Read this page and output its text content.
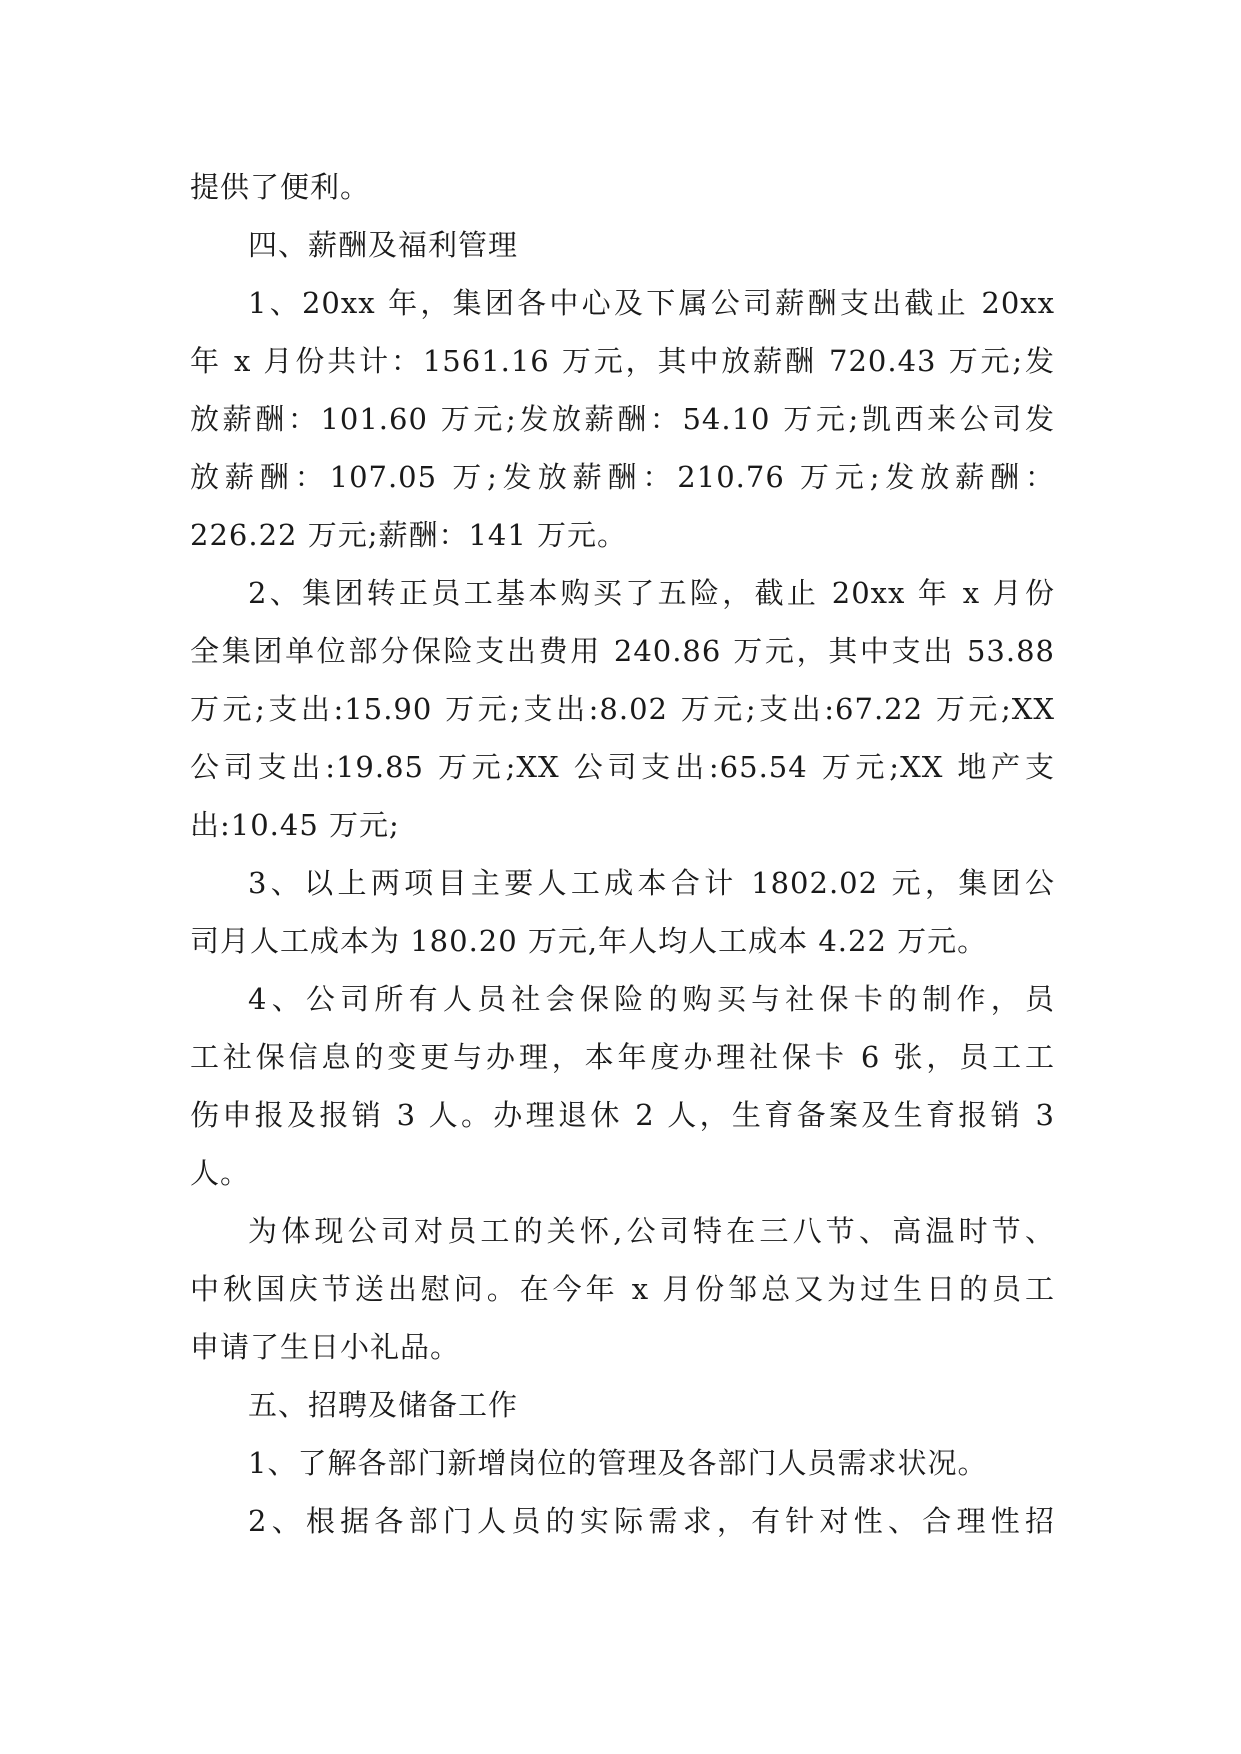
提供了便利。
四、薪酬及福利管理
1、20xx 年，集团各中心及下属公司薪酬支出截止 20xx
年 x 月份共计：1561.16 万元，其中放薪酬 720.43 万元;发
放薪酬：101.60 万元;发放薪酬：54.10 万元;凯西来公司发
放薪酬：107.05 万;发放薪酬：210.76 万元;发放薪酬：
226.22 万元;薪酬：141 万元。
2、集团转正员工基本购买了五险，截止 20xx 年 x 月份
全集团单位部分保险支出费用 240.86 万元，其中支出 53.88
万元;支出:15.90 万元;支出:8.02 万元;支出:67.22 万元;XX
公司支出:19.85 万元;XX 公司支出:65.54 万元;XX 地产支
出:10.45 万元;
3、以上两项目主要人工成本合计 1802.02 元，集团公
司月人工成本为 180.20 万元,年人均人工成本 4.22 万元。
4、公司所有人员社会保险的购买与社保卡的制作，员
工社保信息的变更与办理，本年度办理社保卡 6 张，员工工
伤申报及报销 3 人。办理退休 2 人，生育备案及生育报销 3
人。
为体现公司对员工的关怀,公司特在三八节、高温时节、
中秋国庆节送出慰问。在今年 x 月份邹总又为过生日的员工
申请了生日小礼品。
五、招聘及储备工作
1、了解各部门新增岗位的管理及各部门人员需求状况。
2、根据各部门人员的实际需求，有针对性、合理性招
